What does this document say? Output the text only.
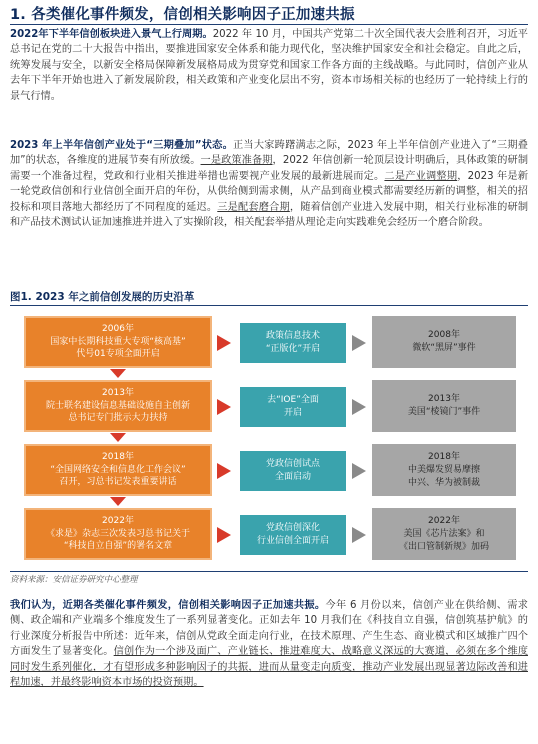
1. 各类催化事件频发，信创相关影响因子正加速共振
2022年下半年信创板块进入景气上行周期。2022 年 10 月，中国共产党第二十次全国代表大会胜利召开，习近平总书记在党的二十大报告中指出，要推进国家安全体系和能力现代化，坚决维护国家安全和社会稳定。自此之后，统筹发展与安全，以新安全格局保障新发展格局成为贯穿党和国家工作各方面的主线战略。与此同时，信创产业从去年下半年开始也进入了新发展阶段，相关政策和产业变化层出不穷，资本市场相关标的也经历了一轮持续上行的景气行情。
2023 年上半年信创产业处于“三期叠加”状态。正当大家踌躇满志之际，2023 年上半年信创产业进入了“三期叠加”的状态，各维度的进展节奏有所放缓。一是政策准备期，2022 年信创新一轮顶层设计明确后，具体政策的研制需要一个准备过程，党政和行业相关推进举措也需要视产业发展的最新进展而定。二是产业调整期，2023 年是新一轮党政信创和行业信创全面开启的年份，从供给侧到需求侧，从产品到商业模式都需要经历新的调整，相关的招投标和项目落地大都经历了不同程度的延迟。三是配套磨合期，随着信创产业进入发展中期，相关行业标准的研制和产品技术测试认证加速推进并进入了实操阶段，相关配套举措从理论走向实践难免会经历一个磨合阶段。
图1. 2023 年之前信创发展的历史沿革
2006年
国家中长期科技重大专项“核高基”
代号01专项全面开启
政策信息技术
“正版化”开启
2008年
微软“黑屏”事件
2013年
院士联名建设信息基础设施自主创新
总书记专门批示大力扶持
去“IOE”全面
开启
2013年
美国“棱镜门”事件
2018年
“全国网络安全和信息化工作会议”
召开，习总书记发表重要讲话
党政信创试点
全面启动
2018年
中美爆发贸易摩擦
中兴、华为被制裁
2022年
《求是》杂志三次发表习总书记关于
“科技自立自强”的署名文章
党政信创深化
行业信创全面开启
2022年
美国《芯片法案》和
《出口管制新规》加码
资料来源：安信证券研究中心整理
我们认为，近期各类催化事件频发，信创相关影响因子正加速共振。今年 6 月份以来，信创产业在供给侧、需求侧、政企端和产业端多个维度发生了一系列显著变化。正如去年 10 月我们在《科技自立自强，信创筑基护航》的行业深度分析报告中所述：近年来，信创从党政全面走向行业，在技术原理、产生生态、商业模式和区域推广四个方面发生了显著变化。信创作为一个涉及面广、产业链长、推进难度大、战略意义深远的大赛道，必须在多个维度同时发生系列催化，才有望形成多种影响因子的共振，进而从量变走向质变，推动产业发展出现显著边际改善和进程加速，并最终影响资本市场的投资预期。
